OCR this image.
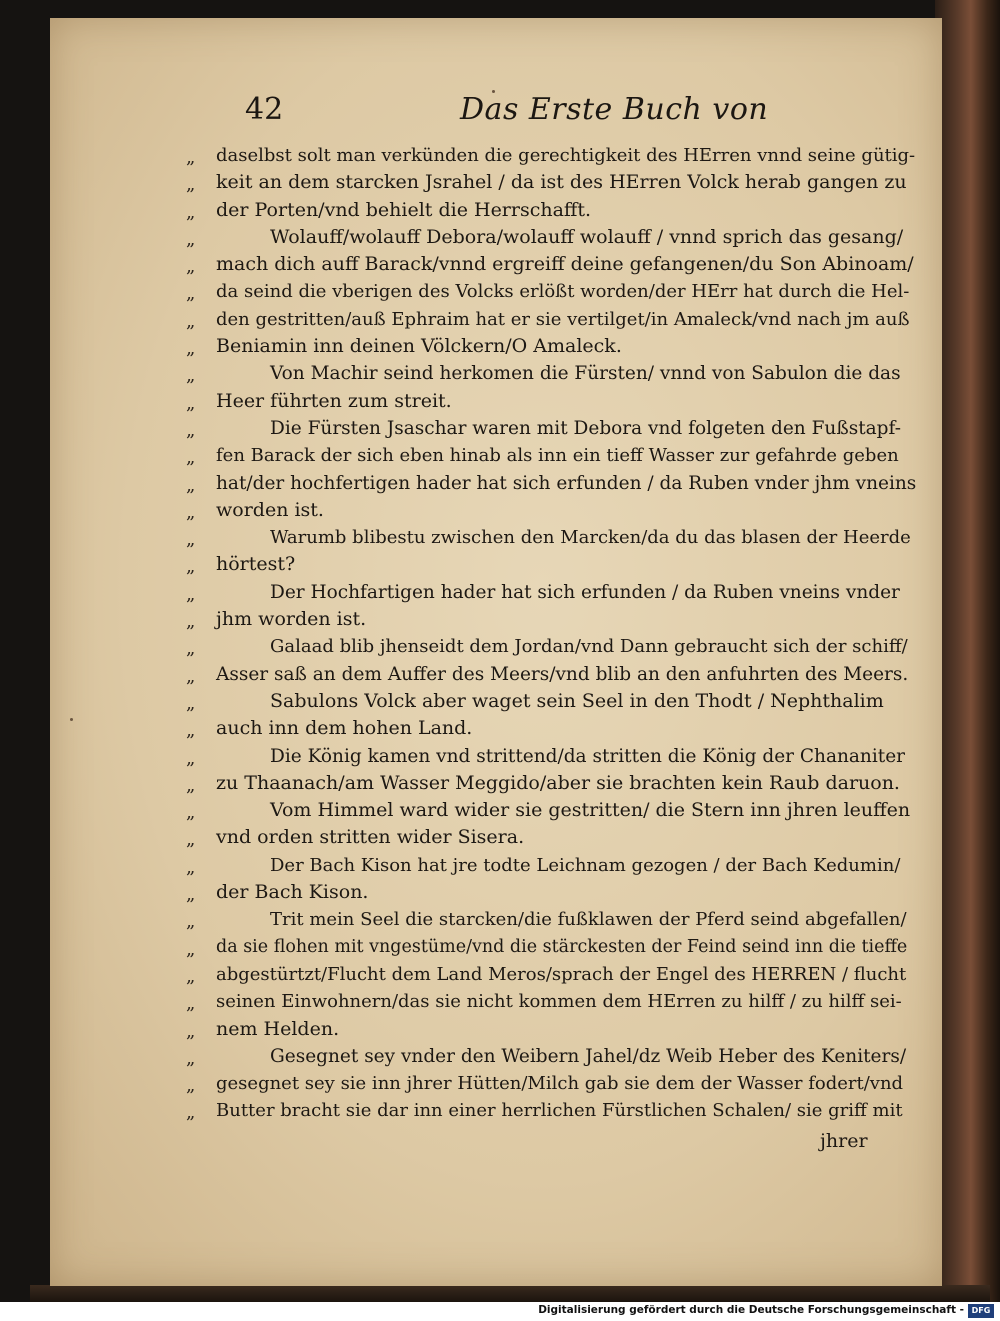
42	Das Erste Buch von
„	daselbst solt man verkünden die gerechtigkeit des HErren vnnd seine gütig-
„	keit an dem starcken Jsrahel / da ist des HErren Volck herab gangen zu
„	der Porten/vnd behielt die Herrschafft.
„	Wolauff/wolauff Debora/wolauff wolauff / vnnd sprich das gesang/
„	mach dich auff Barack/vnnd ergreiff deine gefangenen/du Son Abinoam/
„	da seind die vberigen des Volcks erlößt worden/der HErr hat durch die Hel-
„	den gestritten/auß Ephraim hat er sie vertilget/in Amaleck/vnd nach jm auß
„	Beniamin inn deinen Völckern/O Amaleck.
„	Von Machir seind herkomen die Fürsten/ vnnd von Sabulon die das
„	Heer führten zum streit.
„	Die Fürsten Jsaschar waren mit Debora vnd folgeten den Fußstapf-
„	fen Barack der sich eben hinab als inn ein tieff Wasser zur gefahrde geben
„	hat/der hochfertigen hader hat sich erfunden / da Ruben vnder jhm vneins
„	worden ist.
„	Warumb blibestu zwischen den Marcken/da du das blasen der Heerde
„	hörtest?
„	Der Hochfartigen hader hat sich erfunden / da Ruben vneins vnder
„	jhm worden ist.
„	Galaad blib jhenseidt dem Jordan/vnd Dann gebraucht sich der schiff/
„	Asser saß an dem Auffer des Meers/vnd blib an den anfuhrten des Meers.
„	Sabulons Volck aber waget sein Seel in den Thodt / Nephthalim
„	auch inn dem hohen Land.
„	Die König kamen vnd strittend/da stritten die König der Chananiter
„	zu Thaanach/am Wasser Meggido/aber sie brachten kein Raub daruon.
„	Vom Himmel ward wider sie gestritten/ die Stern inn jhren leuffen
„	vnd orden stritten wider Sisera.
„	Der Bach Kison hat jre todte Leichnam gezogen / der Bach Kedumin/
„	der Bach Kison.
„	Trit mein Seel die starcken/die fußklawen der Pferd seind abgefallen/
„	da sie flohen mit vngestüme/vnd die stärckesten der Feind seind inn die tieffe
„	abgestürtzt/Flucht dem Land Meros/sprach der Engel des HERREN / flucht
„	seinen Einwohnern/das sie nicht kommen dem HErren zu hilff / zu hilff sei-
„	nem Helden.
„	Gesegnet sey vnder den Weibern Jahel/dz Weib Heber des Keniters/
„	gesegnet sey sie inn jhrer Hütten/Milch gab sie dem der Wasser fodert/vnd
„	Butter bracht sie dar inn einer herrlichen Fürstlichen Schalen/ sie griff mit
jhrer
Digitalisierung gefördert durch die Deutsche Forschungsgemeinschaft - DFG
